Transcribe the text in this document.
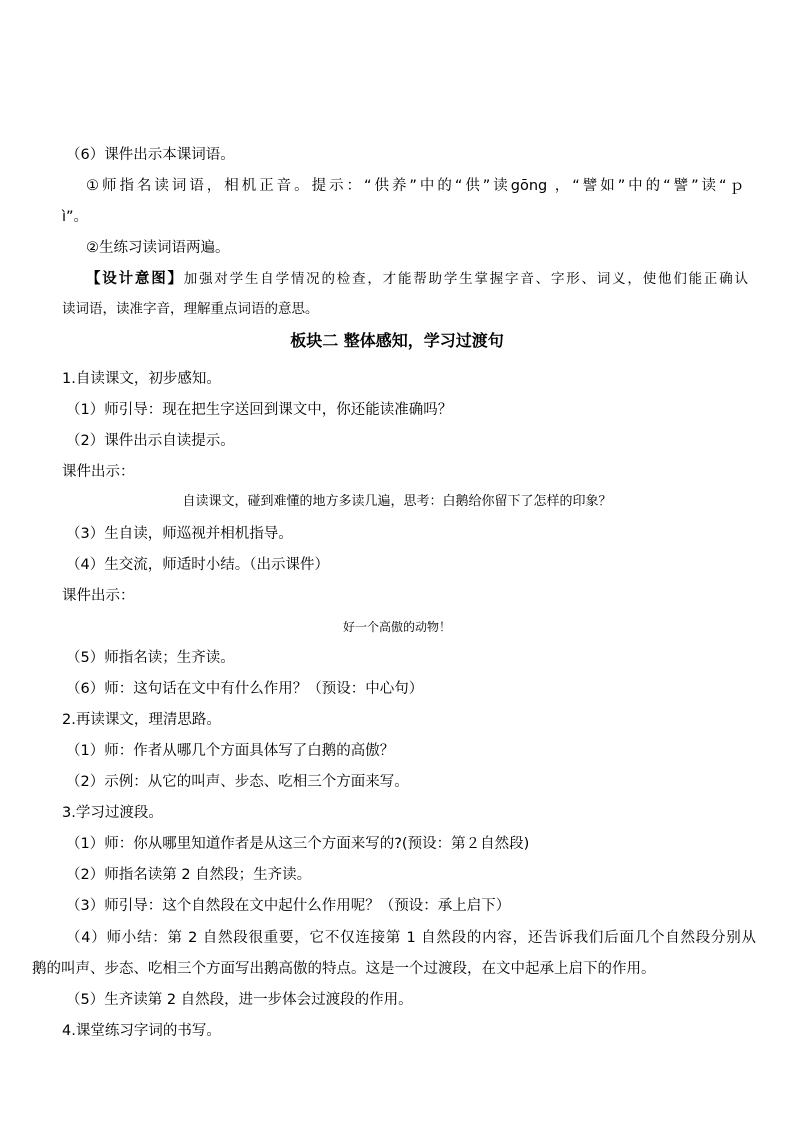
（6）课件出示本课词语。
①师指名读词语，相机正音。提示：“供养”中的“供”读gōng ，“譬如”中的“譬”读“ｐ
ì”。
②生练习读词语两遍。
【设计意图】加强对学生自学情况的检查，才能帮助学生掌握字音、字形、词义，使他们能正确认
读词语，读准字音，理解重点词语的意思。
板块二 整体感知，学习过渡句
1.自读课文，初步感知。
（1）师引导：现在把生字送回到课文中，你还能读准确吗？
（2）课件出示自读提示。
课件出示：
自读课文，碰到难懂的地方多读几遍，思考：白鹅给你留下了怎样的印象？
（3）生自读，师巡视并相机指导。
（4）生交流，师适时小结。（出示课件）
课件出示：
好一个高傲的动物！
（5）师指名读；生齐读。
（6）师：这句话在文中有什么作用？（预设：中心句）
2.再读课文，理清思路。
（1）师：作者从哪几个方面具体写了白鹅的高傲？
（2）示例：从它的叫声、步态、吃相三个方面来写。
3.学习过渡段。
（1）师：你从哪里知道作者是从这三个方面来写的?(预设：第２自然段)
（2）师指名读第 2 自然段；生齐读。
（3）师引导：这个自然段在文中起什么作用呢？（预设：承上启下）
（4）师小结：第 2 自然段很重要，它不仅连接第 1 自然段的内容，还告诉我们后面几个自然段分别从
鹅的叫声、步态、吃相三个方面写出鹅高傲的特点。这是一个过渡段，在文中起承上启下的作用。
（5）生齐读第 2 自然段，进一步体会过渡段的作用。
4.课堂练习字词的书写。
